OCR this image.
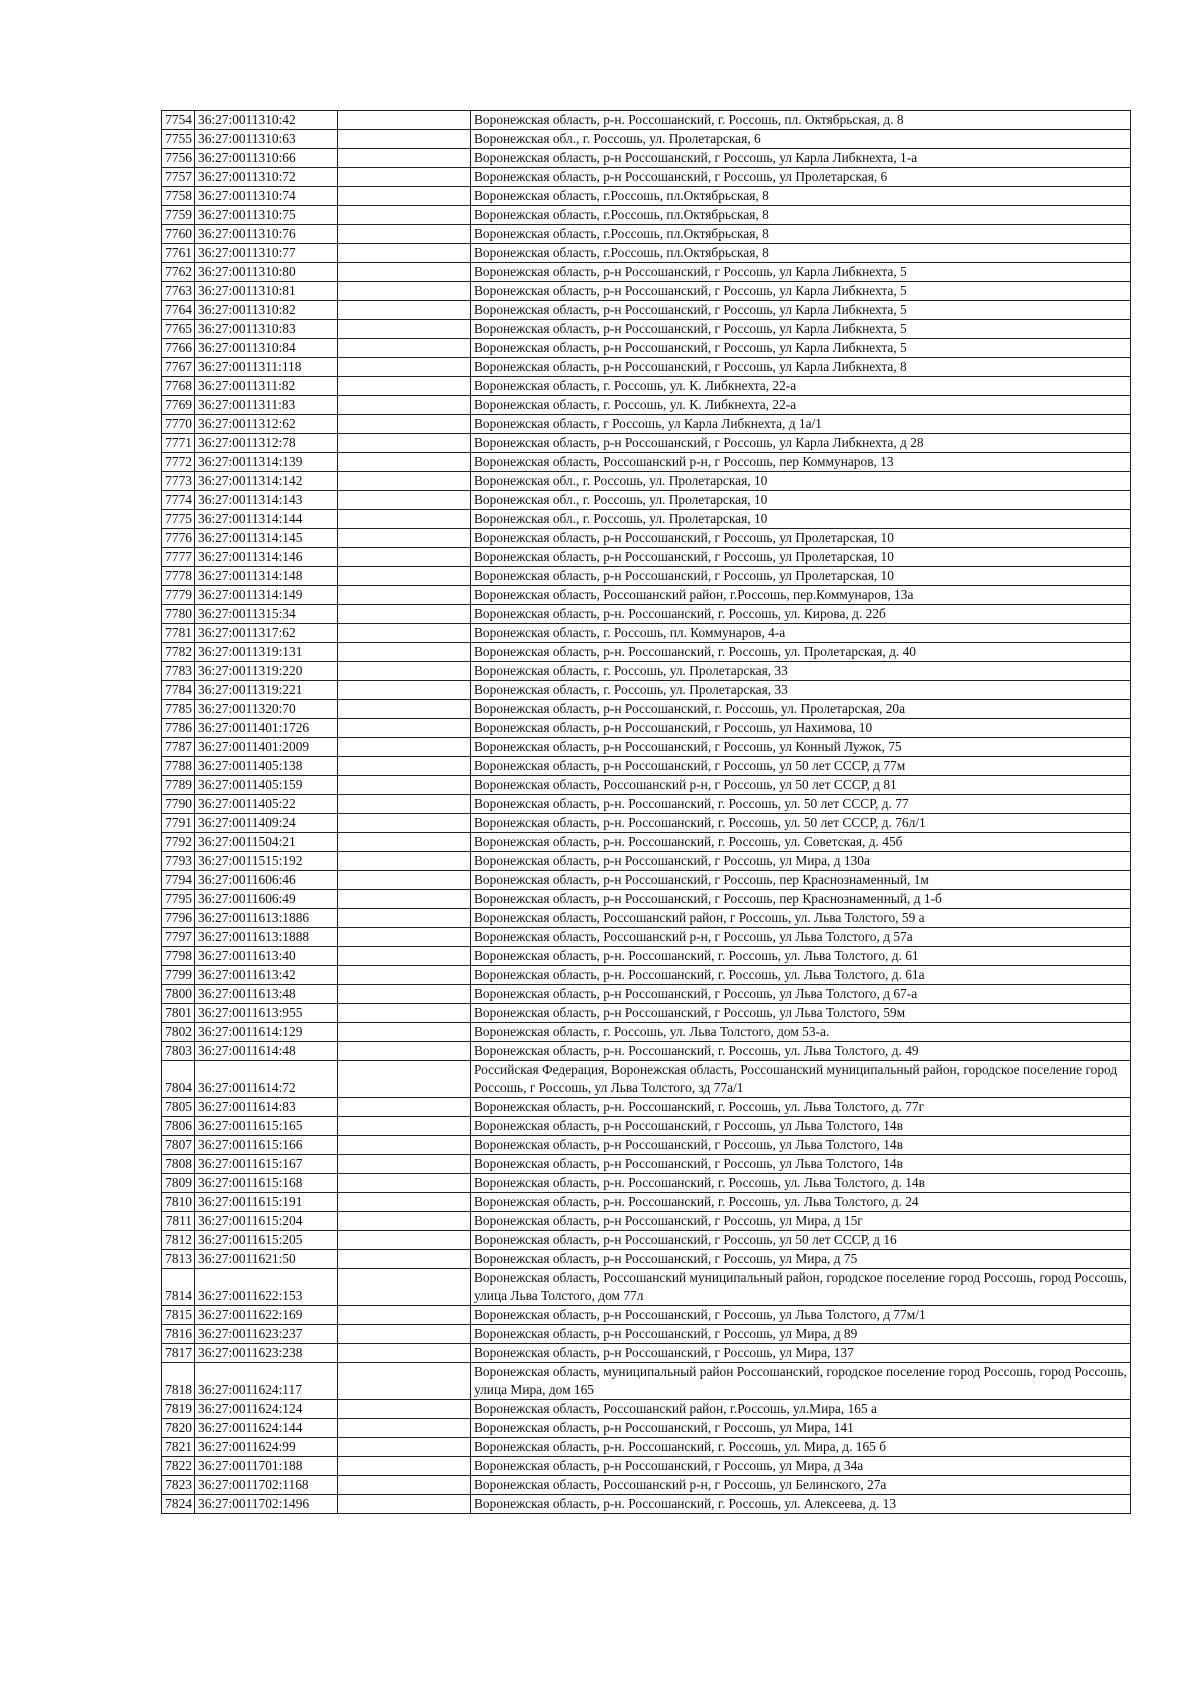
7754	36:27:0011310:42		Воронежская область, р-н. Россошанский, г. Россошь, пл. Октябрьская, д. 8
7755	36:27:0011310:63		Воронежская обл., г. Россошь, ул. Пролетарская, 6
7756	36:27:0011310:66		Воронежская область, р-н Россошанский, г Россошь, ул Карла Либкнехта, 1-а
7757	36:27:0011310:72		Воронежская область, р-н Россошанский, г Россошь, ул Пролетарская, 6
7758	36:27:0011310:74		Воронежская область, г.Россошь, пл.Октябрьская, 8
7759	36:27:0011310:75		Воронежская область, г.Россошь, пл.Октябрьская, 8
7760	36:27:0011310:76		Воронежская область, г.Россошь, пл.Октябрьская, 8
7761	36:27:0011310:77		Воронежская область, г.Россошь, пл.Октябрьская, 8
7762	36:27:0011310:80		Воронежская область, р-н Россошанский, г Россошь, ул Карла Либкнехта, 5
7763	36:27:0011310:81		Воронежская область, р-н Россошанский, г Россошь, ул Карла Либкнехта, 5
7764	36:27:0011310:82		Воронежская область, р-н Россошанский, г Россошь, ул Карла Либкнехта, 5
7765	36:27:0011310:83		Воронежская область, р-н Россошанский, г Россошь, ул Карла Либкнехта, 5
7766	36:27:0011310:84		Воронежская область, р-н Россошанский, г Россошь, ул Карла Либкнехта, 5
7767	36:27:0011311:118		Воронежская область, р-н Россошанский, г Россошь, ул Карла Либкнехта, 8
7768	36:27:0011311:82		Воронежская область, г. Россошь, ул. К. Либкнехта, 22-а
7769	36:27:0011311:83		Воронежская область, г. Россошь, ул. К. Либкнехта, 22-а
7770	36:27:0011312:62		Воронежская область, г Россошь, ул Карла Либкнехта, д 1а/1
7771	36:27:0011312:78		Воронежская область, р-н Россошанский, г Россошь, ул Карла Либкнехта, д 28
7772	36:27:0011314:139		Воронежская область, Россошанский р-н, г Россошь, пер Коммунаров, 13
7773	36:27:0011314:142		Воронежская обл., г. Россошь, ул. Пролетарская, 10
7774	36:27:0011314:143		Воронежская обл., г. Россошь, ул. Пролетарская, 10
7775	36:27:0011314:144		Воронежская обл., г. Россошь, ул. Пролетарская, 10
7776	36:27:0011314:145		Воронежская область, р-н Россошанский, г Россошь, ул Пролетарская, 10
7777	36:27:0011314:146		Воронежская область, р-н Россошанский, г Россошь, ул Пролетарская, 10
7778	36:27:0011314:148		Воронежская область, р-н Россошанский, г Россошь, ул Пролетарская, 10
7779	36:27:0011314:149		Воронежская область, Россошанский район, г.Россошь, пер.Коммунаров, 13а
7780	36:27:0011315:34		Воронежская область, р-н. Россошанский, г. Россошь, ул. Кирова, д. 22б
7781	36:27:0011317:62		Воронежская область, г. Россошь, пл. Коммунаров, 4-а
7782	36:27:0011319:131		Воронежская область, р-н. Россошанский, г. Россошь, ул. Пролетарская, д. 40
7783	36:27:0011319:220		Воронежская область, г. Россошь, ул. Пролетарская, 33
7784	36:27:0011319:221		Воронежская область, г. Россошь, ул. Пролетарская, 33
7785	36:27:0011320:70		Воронежская область, р-н Россошанский, г. Россошь, ул. Пролетарская, 20а
7786	36:27:0011401:1726		Воронежская область, р-н Россошанский, г Россошь, ул Нахимова, 10
7787	36:27:0011401:2009		Воронежская область, р-н Россошанский, г Россошь, ул Конный Лужок, 75
7788	36:27:0011405:138		Воронежская область, р-н Россошанский, г Россошь, ул 50 лет СССР, д 77м
7789	36:27:0011405:159		Воронежская область, Россошанский р-н, г Россошь, ул 50 лет СССР, д 81
7790	36:27:0011405:22		Воронежская область, р-н. Россошанский, г. Россошь, ул. 50 лет СССР, д. 77
7791	36:27:0011409:24		Воронежская область, р-н. Россошанский, г. Россошь, ул. 50 лет СССР, д. 76л/1
7792	36:27:0011504:21		Воронежская область, р-н. Россошанский, г. Россошь, ул. Советская, д. 45б
7793	36:27:0011515:192		Воронежская область, р-н Россошанский, г Россошь, ул Мира, д 130а
7794	36:27:0011606:46		Воронежская область, р-н Россошанский, г Россошь, пер Краснознаменный, 1м
7795	36:27:0011606:49		Воронежская область, р-н Россошанский, г Россошь, пер Краснознаменный, д 1-б
7796	36:27:0011613:1886		Воронежская область, Россошанский район, г Россошь, ул. Льва Толстого, 59 а
7797	36:27:0011613:1888		Воронежская область, Россошанский р-н, г Россошь, ул Льва Толстого, д 57а
7798	36:27:0011613:40		Воронежская область, р-н. Россошанский, г. Россошь, ул. Льва Толстого, д. 61
7799	36:27:0011613:42		Воронежская область, р-н. Россошанский, г. Россошь, ул. Льва Толстого, д. 61а
7800	36:27:0011613:48		Воронежская область, р-н Россошанский, г Россошь, ул Льва Толстого, д 67-а
7801	36:27:0011613:955		Воронежская область, р-н Россошанский, г Россошь, ул Льва Толстого, 59м
7802	36:27:0011614:129		Воронежская область, г. Россошь, ул. Льва Толстого, дом 53-а.
7803	36:27:0011614:48		Воронежская область, р-н. Россошанский, г. Россошь, ул. Льва Толстого, д. 49
7804	36:27:0011614:72		Российская Федерация, Воронежская область, Россошанский муниципальный район, городское поселение город Россошь, г Россошь, ул Льва Толстого, зд 77а/1
7805	36:27:0011614:83		Воронежская область, р-н. Россошанский, г. Россошь, ул. Льва Толстого, д. 77г
7806	36:27:0011615:165		Воронежская область, р-н Россошанский, г Россошь, ул Льва Толстого, 14в
7807	36:27:0011615:166		Воронежская область, р-н Россошанский, г Россошь, ул Льва Толстого, 14в
7808	36:27:0011615:167		Воронежская область, р-н Россошанский, г Россошь, ул Льва Толстого, 14в
7809	36:27:0011615:168		Воронежская область, р-н. Россошанский, г. Россошь, ул. Льва Толстого, д. 14в
7810	36:27:0011615:191		Воронежская область, р-н. Россошанский, г. Россошь, ул. Льва Толстого, д. 24
7811	36:27:0011615:204		Воронежская область, р-н Россошанский, г Россошь, ул Мира, д 15г
7812	36:27:0011615:205		Воронежская область, р-н Россошанский, г Россошь, ул 50 лет СССР, д 16
7813	36:27:0011621:50		Воронежская область, р-н Россошанский, г Россошь, ул Мира, д 75
7814	36:27:0011622:153		Воронежская область, Россошанский муниципальный район, городское поселение город Россошь, город Россошь, улица Льва Толстого, дом 77л
7815	36:27:0011622:169		Воронежская область, р-н Россошанский, г Россошь, ул Льва Толстого, д 77м/1
7816	36:27:0011623:237		Воронежская область, р-н Россошанский, г Россошь, ул Мира, д 89
7817	36:27:0011623:238		Воронежская область, р-н Россошанский, г Россошь, ул Мира, 137
7818	36:27:0011624:117		Воронежская область, муниципальный район Россошанский, городское поселение город Россошь, город Россошь, улица Мира, дом 165
7819	36:27:0011624:124		Воронежская область, Россошанский район, г.Россошь, ул.Мира, 165 а
7820	36:27:0011624:144		Воронежская область, р-н Россошанский, г Россошь, ул Мира, 141
7821	36:27:0011624:99		Воронежская область, р-н. Россошанский, г. Россошь, ул. Мира, д. 165 б
7822	36:27:0011701:188		Воронежская область, р-н Россошанский, г Россошь, ул Мира, д 34а
7823	36:27:0011702:1168		Воронежская область, Россошанский р-н, г Россошь, ул Белинского, 27а
7824	36:27:0011702:1496		Воронежская область, р-н. Россошанский, г. Россошь, ул. Алексеева, д. 13
